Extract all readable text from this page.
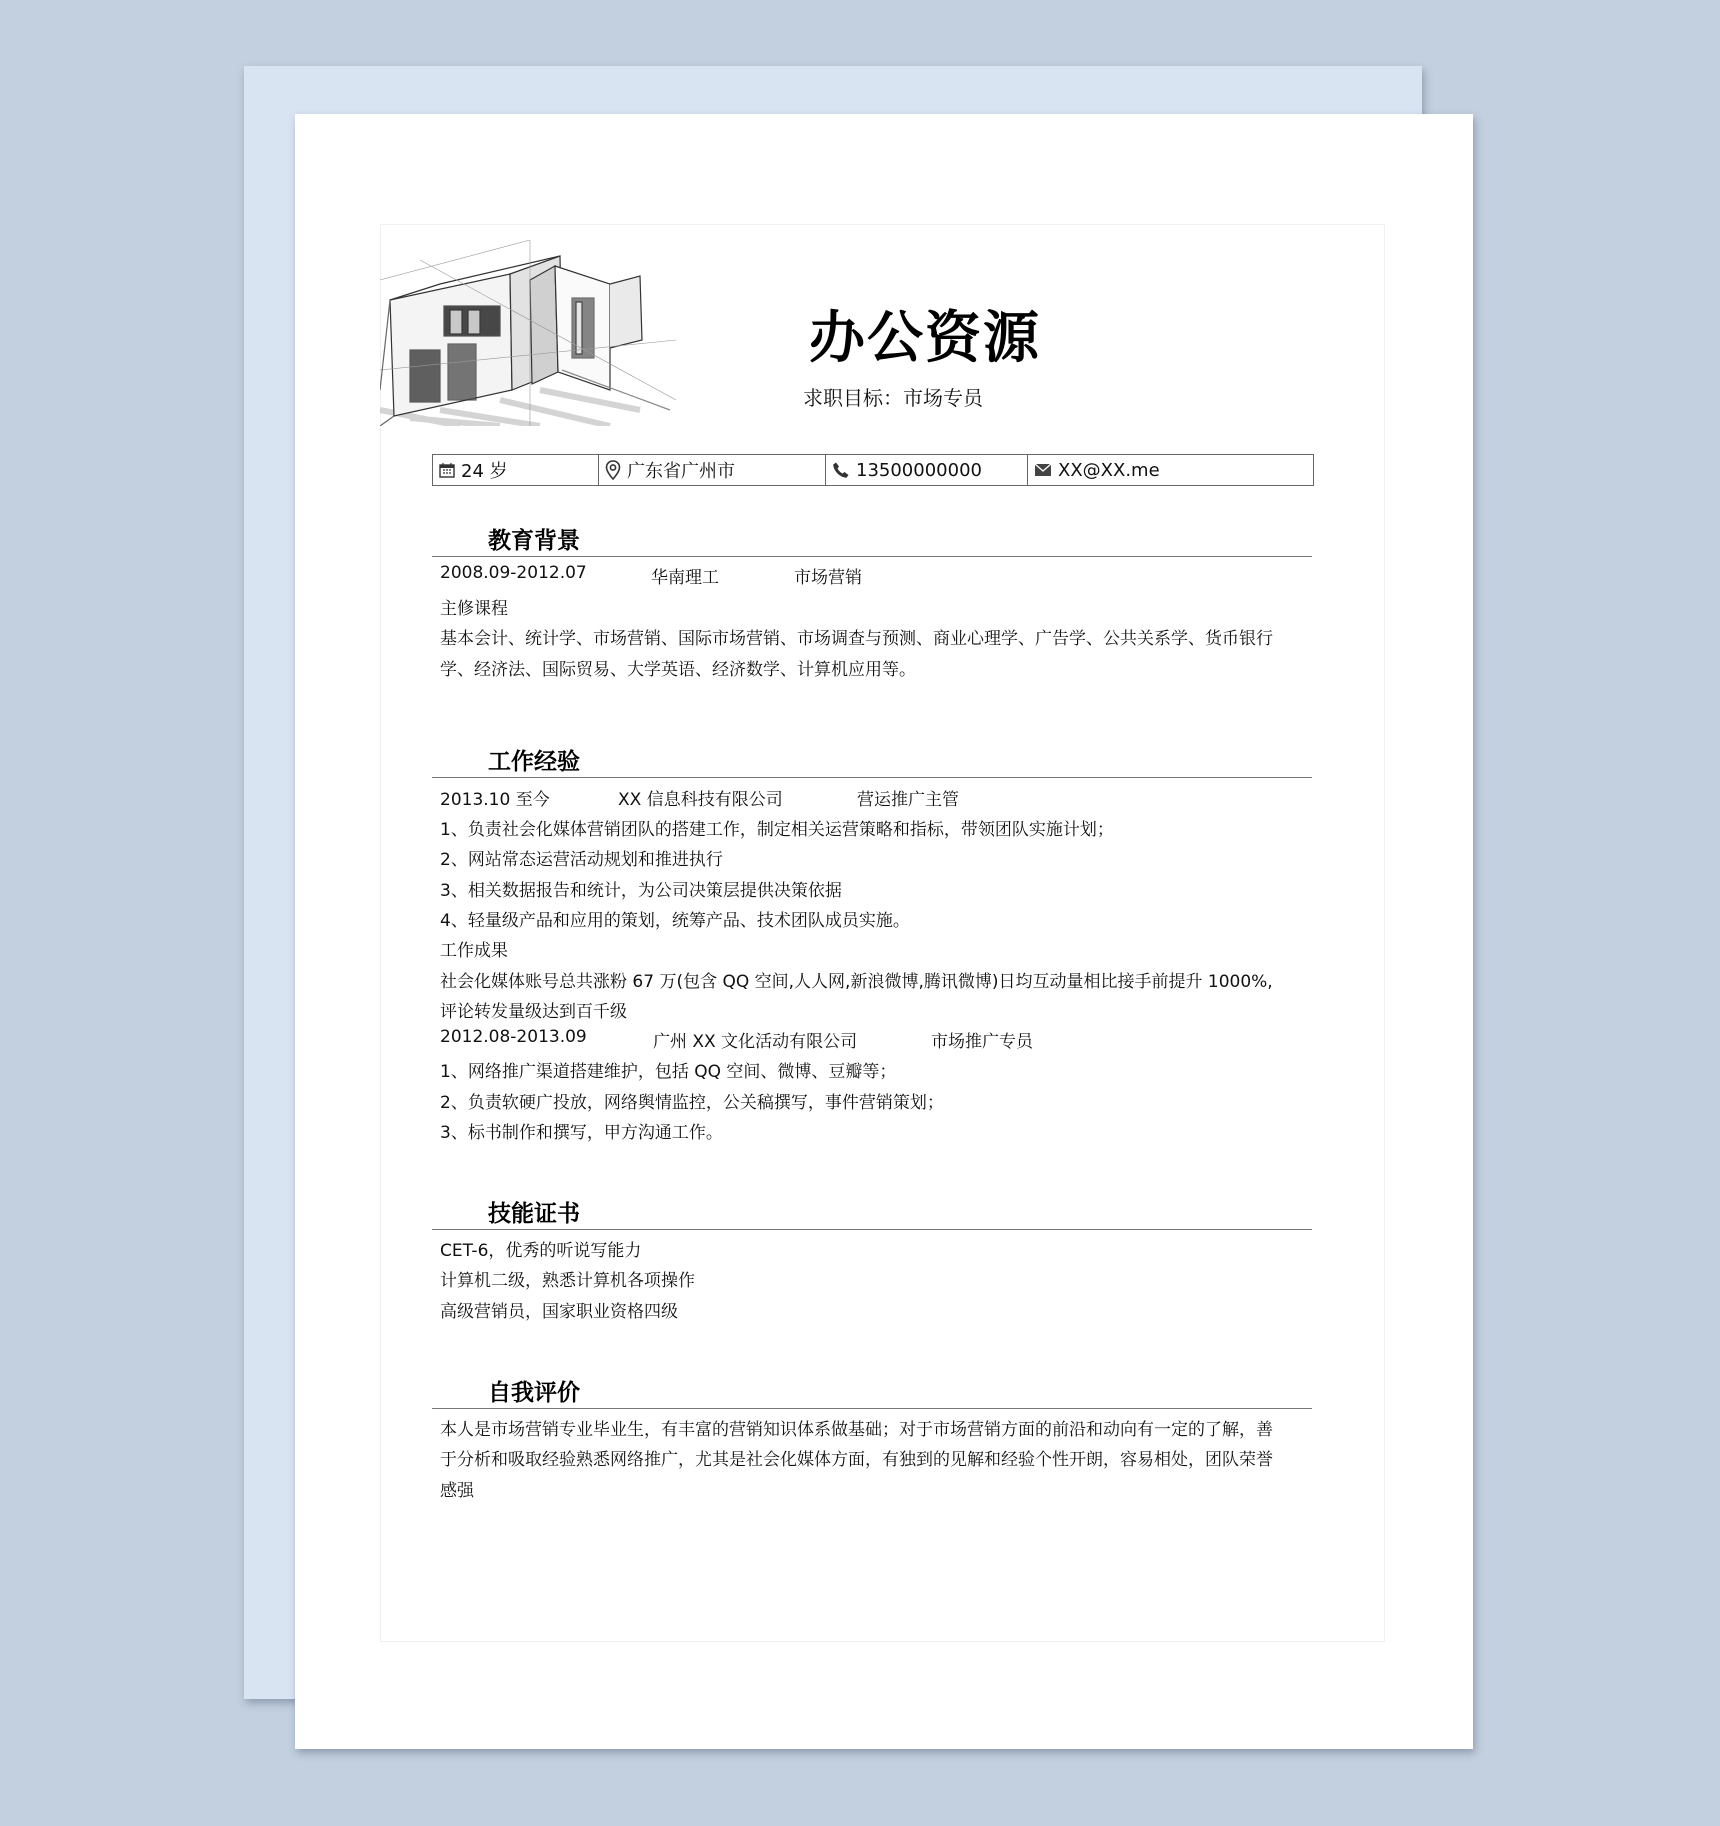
办公资源
求职目标：市场专员
24 岁	广东省广州市	13500000000	XX@XX.me
教育背景
2008.09-2012.07	华南理工	市场营销
主修课程
基本会计、统计学、市场营销、国际市场营销、市场调查与预测、商业心理学、广告学、公共关系学、货币银行
学、经济法、国际贸易、大学英语、经济数学、计算机应用等。
工作经验
2013.10 至今	XX 信息科技有限公司	营运推广主管
1、负责社会化媒体营销团队的搭建工作，制定相关运营策略和指标，带领团队实施计划；
2、网站常态运营活动规划和推进执行
3、相关数据报告和统计，为公司决策层提供决策依据
4、轻量级产品和应用的策划，统筹产品、技术团队成员实施。
工作成果
社会化媒体账号总共涨粉 67 万(包含 QQ 空间,人人网,新浪微博,腾讯微博)日均互动量相比接手前提升 1000%,
评论转发量级达到百千级
2012.08-2013.09	广州 XX 文化活动有限公司	市场推广专员
1、网络推广渠道搭建维护，包括 QQ 空间、微博、豆瓣等；
2、负责软硬广投放，网络舆情监控，公关稿撰写，事件营销策划；
3、标书制作和撰写，甲方沟通工作。
技能证书
CET-6，优秀的听说写能力
计算机二级，熟悉计算机各项操作
高级营销员，国家职业资格四级
自我评价
本人是市场营销专业毕业生，有丰富的营销知识体系做基础；对于市场营销方面的前沿和动向有一定的了解，善
于分析和吸取经验熟悉网络推广，尤其是社会化媒体方面，有独到的见解和经验个性开朗，容易相处，团队荣誉
感强
